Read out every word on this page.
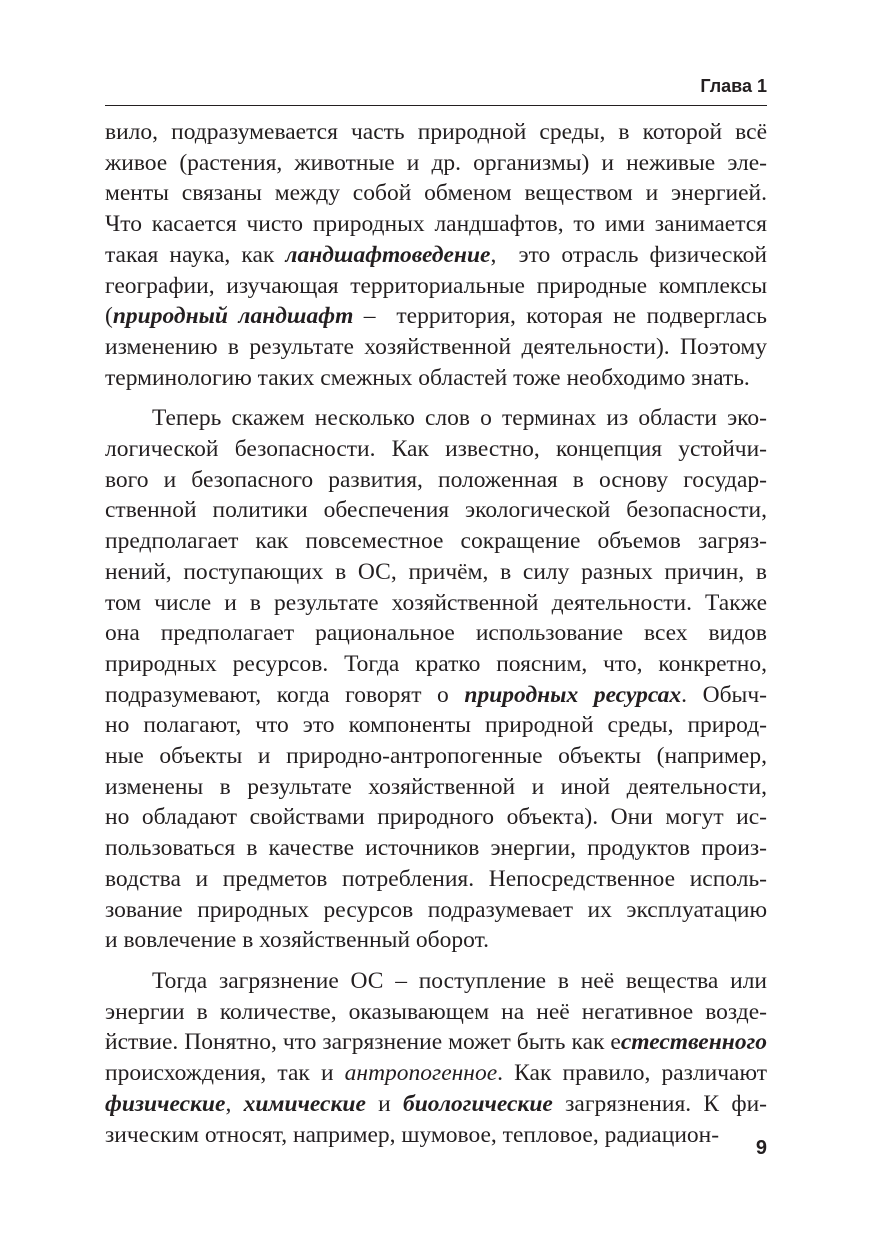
Глава 1
вило, подразумевается часть природной среды, в которой всё
живое (растения, животные и др. организмы) и неживые эле-
менты связаны между собой обменом веществом и энергией.
Что касается чисто природных ландшафтов, то ими занимается
такая наука, как ландшафтоведение,  это отрасль физической
географии, изучающая территориальные природные комплексы
(природный ландшафт –  территория, которая не подверглась
изменению в результате хозяйственной деятельности). Поэтому
терминологию таких смежных областей тоже необходимо знать.
Теперь скажем несколько слов о терминах из области эко-
логической безопасности. Как известно, концепция устойчи-
вого и безопасного развития, положенная в основу государ-
ственной политики обеспечения экологической безопасности,
предполагает как повсеместное сокращение объемов загряз-
нений, поступающих в ОС, причём, в силу разных причин, в
том числе и в результате хозяйственной деятельности. Также
она предполагает рациональное использование всех видов
природных ресурсов. Тогда кратко поясним, что, конкретно,
подразумевают, когда говорят о природных ресурсах. Обыч-
но полагают, что это компоненты природной среды, природ-
ные объекты и природно-антропогенные объекты (например,
изменены в результате хозяйственной и иной деятельности,
но обладают свойствами природного объекта). Они могут ис-
пользоваться в качестве источников энергии, продуктов произ-
водства и предметов потребления. Непосредственное исполь-
зование природных ресурсов подразумевает их эксплуатацию
и вовлечение в хозяйственный оборот.
Тогда загрязнение ОС – поступление в неё вещества или
энергии в количестве, оказывающем на неё негативное возде-
йствие. Понятно, что загрязнение может быть как естественного
происхождения, так и антропогенное. Как правило, различают
физические, химические и биологические загрязнения. К фи-
зическим относят, например, шумовое, тепловое, радиацион-
9
